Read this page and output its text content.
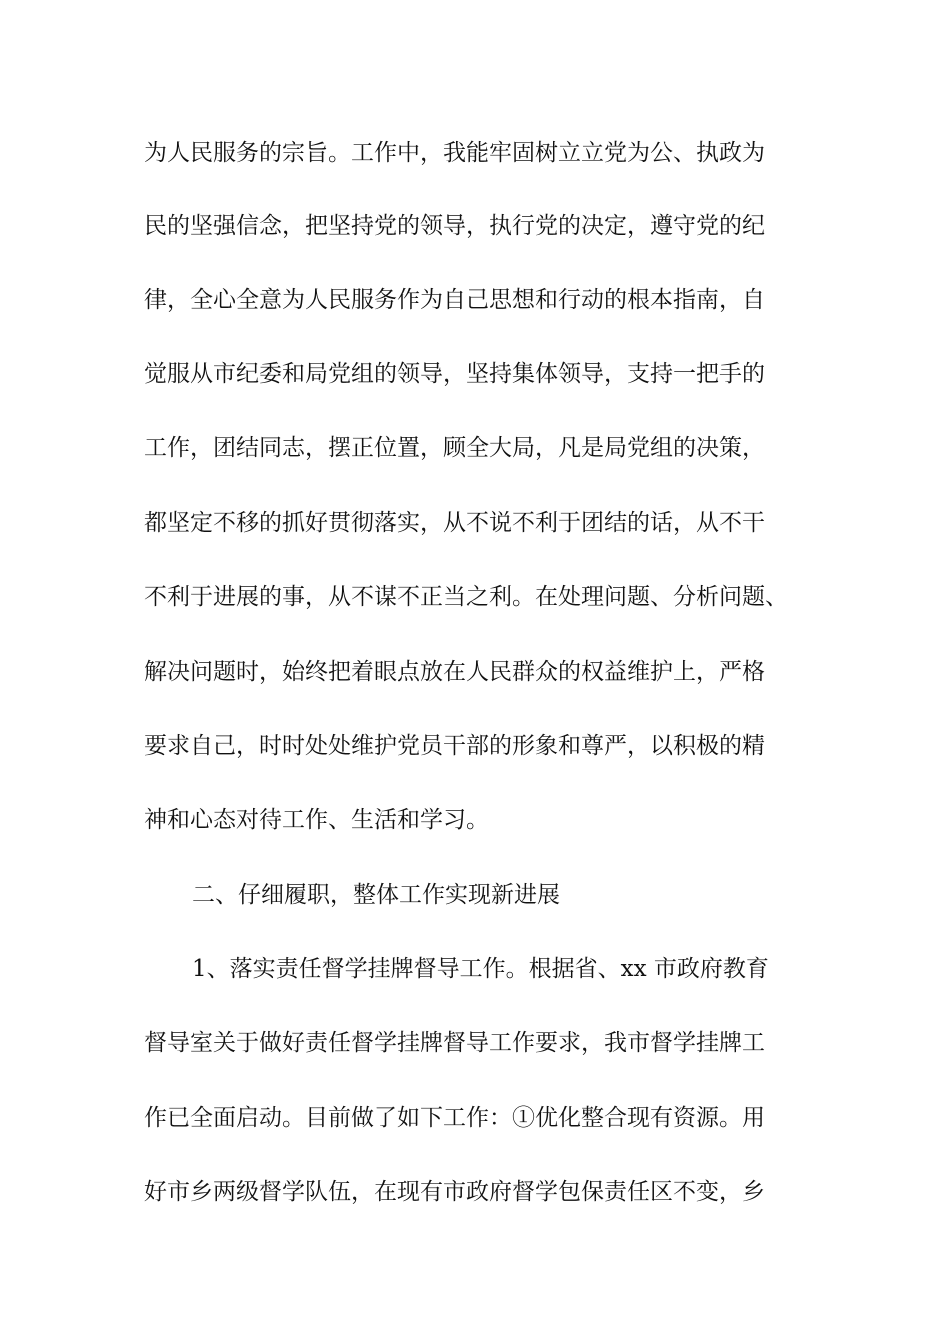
为人民服务的宗旨。工作中，我能牢固树立立党为公、执政为
民的坚强信念，把坚持党的领导，执行党的决定，遵守党的纪
律，全心全意为人民服务作为自己思想和行动的根本指南，自
觉服从市纪委和局党组的领导，坚持集体领导，支持一把手的
工作，团结同志，摆正位置，顾全大局，凡是局党组的决策，
都坚定不移的抓好贯彻落实，从不说不利于团结的话，从不干
不利于进展的事，从不谋不正当之利。在处理问题、分析问题、
解决问题时，始终把着眼点放在人民群众的权益维护上，严格
要求自己，时时处处维护党员干部的形象和尊严，以积极的精
神和心态对待工作、生活和学习。
二、仔细履职，整体工作实现新进展
1、落实责任督学挂牌督导工作。根据省、xx 市政府教育
督导室关于做好责任督学挂牌督导工作要求，我市督学挂牌工
作已全面启动。目前做了如下工作：①优化整合现有资源。用
好市乡两级督学队伍，在现有市政府督学包保责任区不变，乡
